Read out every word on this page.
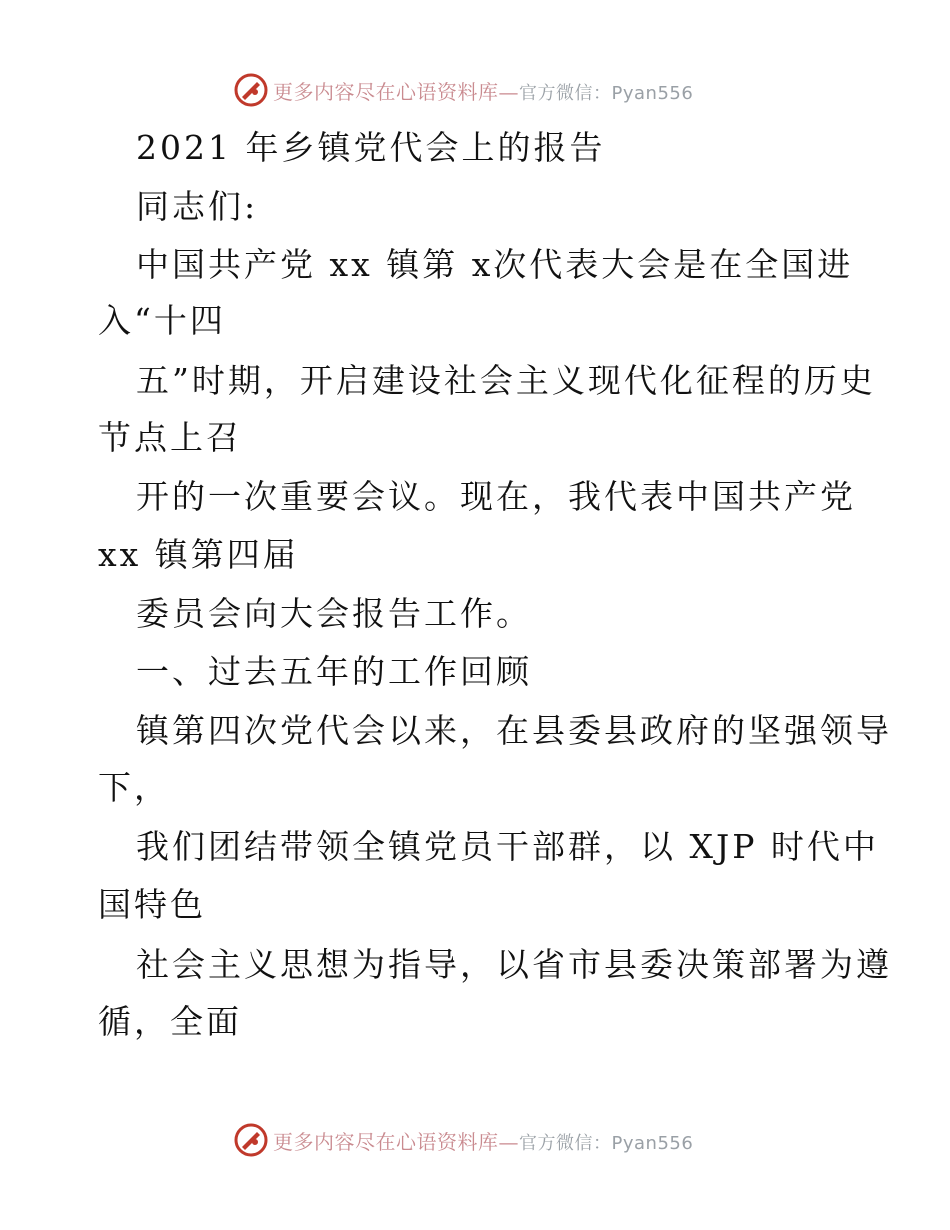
更多内容尽在心语资料库—官方微信：Pyan556
2021 年乡镇党代会上的报告
同志们:
中国共产党 xx 镇第 x次代表大会是在全国进
入“十四
五”时期，开启建设社会主义现代化征程的历史
节点上召
开的一次重要会议。现在，我代表中国共产党
xx 镇第四届
委员会向大会报告工作。
一、过去五年的工作回顾
镇第四次党代会以来，在县委县政府的坚强领导
下，
我们团结带领全镇党员干部群，以 XJP 时代中
国特色
社会主义思想为指导，以省市县委决策部署为遵
循，全面
更多内容尽在心语资料库—官方微信：Pyan556
